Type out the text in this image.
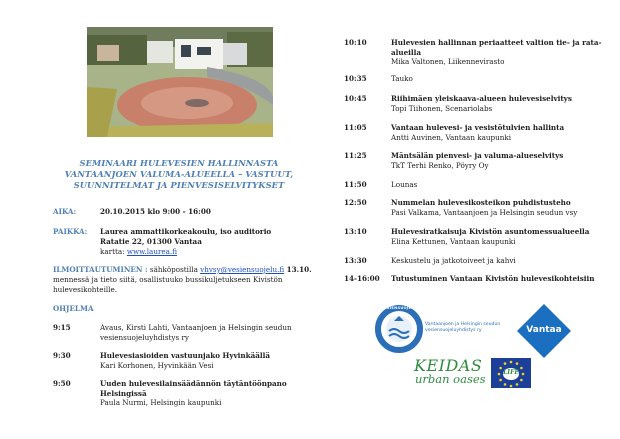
SEMINAARI HULEVESIEN HALLINNASTA
VANTAANJOEN VALUMA-ALUEELLA – VASTUUT,
SUUNNITELMAT JA PIENVESISELVITYKSET
AIKA:	20.10.2015 klo 9:00 - 16:00
PAIKKA: Laurea ammattikorkeakoulu, iso auditorio
Ratatie 22, 01300 Vantaa
kartta: www.laurea.fi
ILMOITTAUTUMINEN : sähköpostilla vhvsy@vesiensuojelu.fi 13.10.
mennessä ja tieto siitä, osallistuuko bussikuljetukseen Kivistön
hulevesikohteille.
OHJELMA
9:15	Avaus, Kirsti Lahti, Vantaanjoen ja Helsingin seudun
vesiensuojeluyhdistys ry
9:30	Hulevesiasioiden vastuunjako Hyvinkäällä
Kari Korhonen, Hyvinkään Vesi
9:50	Uuden hulevesilainsäädännön täytäntöönpano
Helsingissä
Paula Nurmi, Helsingin kaupunki
10:10	Hulevesien hallinnan periaatteet valtion tie- ja rata-
alueilla
Mika Valtonen, Liikennevirasto
10:35	Tauko
10:45	Riihimäen yleiskaava-alueen hulevesiselvitys
Topi Tiihonen, Scenariolabs
11:05	Vantaan hulevesi- ja vesistötulvien hallinta
Antti Auvinen, Vantaan kaupunki
11:25	Mäntsälän pienvesi- ja valuma-alueselvitys
TkT Terhi Renko, Pöyry Oy
11:50	Lounas
12:50	Nummelan hulevesikosteikon puhdistusteho
Pasi Valkama, Vantaanjoen ja Helsingin seudun vsy
13:10	Hulevesiratkaisuja Kivistön asuntomessualueella
Elina Kettunen, Vantaan kaupunki
13:30	Keskustelu ja jatkotoiveet ja kahvi
14-16:00 Tutustuminen Vantaan Kivistön hulevesikohteisiin
VESIENSUOJELU
Vantaanjoen ja Helsingin seudun
vesiensuojeluyhdistys ry	Vantaa
KEIDAS
urban oases	LIFE
